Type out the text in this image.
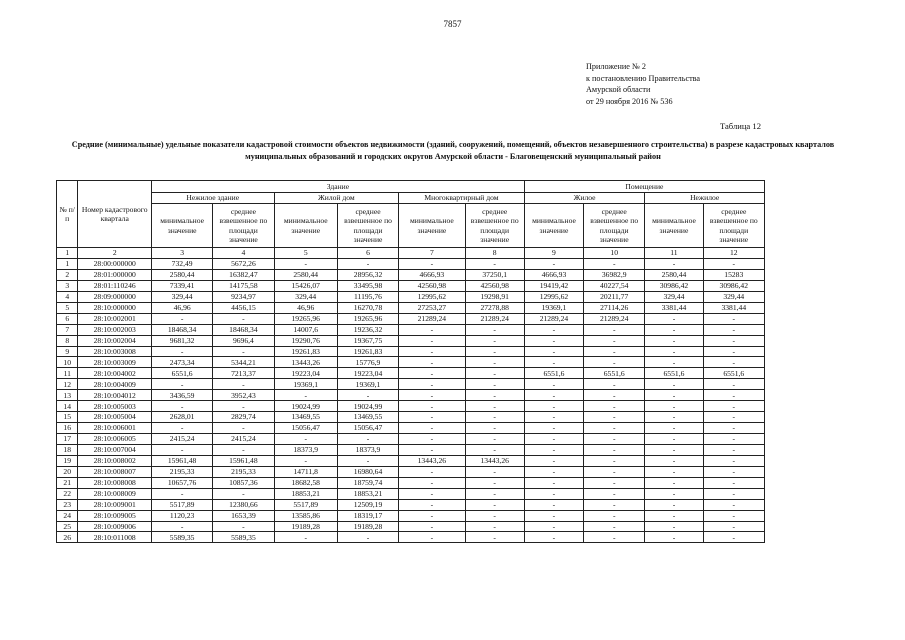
7857
Приложение № 2
к постановлению Правительства
Амурской области
от 29 ноября 2016 № 536
Таблица 12
Средние (минимальные) удельные показатели кадастровой стоимости объектов недвижимости (зданий, сооружений, помещений, объектов незавершенного строительства) в разрезе кадастровых кварталов муниципальных образований и городских округов Амурской области - Благовещенский муниципальный район
№ п/п	Номер кадастрового квартала	Здание						Помещение			
		Нежилое здание		Жилой дом		Многоквартирный дом		Жилое		Нежилое	
		минимальное значение	среднее взвешенное по площади значение	минимальное значение	среднее взвешенное по площади значение	минимальное значение	среднее взвешенное по площади значение	минимальное значение	среднее взвешенное по площади значение	минимальное значение	среднее взвешенное по площади значение
1	2	3	4	5	6	7	8	9	10	11	12
1	28:00:000000	732,49	5672,26	-	-	-	-	-	-	-	-
2	28:01:000000	2580,44	16382,47	2580,44	28956,32	4666,93	37250,1	4666,93	36982,9	2580,44	15283
3	28:01:110246	7339,41	14175,58	15426,07	33495,98	42560,98	42560,98	19419,42	40227,54	30986,42	30986,42
4	28:09:000000	329,44	9234,97	329,44	11195,76	12995,62	19298,91	12995,62	20211,77	329,44	329,44
5	28:10:000000	46,96	4456,15	46,96	16270,78	27253,27	27278,88	19369,1	27114,26	3381,44	3381,44
6	28:10:002001	-	-	19265,96	19265,96	21289,24	21289,24	21289,24	21289,24	-	-
7	28:10:002003	18468,34	18468,34	14007,6	19236,32	-	-	-	-	-	-
8	28:10:002004	9681,32	9696,4	19290,76	19367,75	-	-	-	-	-	-
9	28:10:003008	-	-	19261,83	19261,83	-	-	-	-	-	-
10	28:10:003009	2473,34	5344,21	13443,26	15776,9	-	-	-	-	-	-
11	28:10:004002	6551,6	7213,37	19223,04	19223,04	-	-	6551,6	6551,6	6551,6	6551,6
12	28:10:004009	-	-	19369,1	19369,1	-	-	-	-	-	-
13	28:10:004012	3436,59	3952,43	-	-	-	-	-	-	-	-
14	28:10:005003	-	-	19024,99	19024,99	-	-	-	-	-	-
15	28:10:005004	2628,01	2829,74	13469,55	13469,55	-	-	-	-	-	-
16	28:10:006001	-	-	15056,47	15056,47	-	-	-	-	-	-
17	28:10:006005	2415,24	2415,24	-	-	-	-	-	-	-	-
18	28:10:007004	-	-	18373,9	18373,9	-	-	-	-	-	-
19	28:10:008002	15961,48	15961,48	-	-	13443,26	13443,26	-	-	-	-
20	28:10:008007	2195,33	2195,33	14711,8	16980,64	-	-	-	-	-	-
21	28:10:008008	10657,76	10857,36	18682,58	18759,74	-	-	-	-	-	-
22	28:10:008009	-	-	18853,21	18853,21	-	-	-	-	-	-
23	28:10:009001	5517,89	12380,66	5517,89	12509,19	-	-	-	-	-	-
24	28:10:009005	1120,23	1653,39	13585,86	18319,17	-	-	-	-	-	-
25	28:10:009006	-	-	19189,28	19189,28	-	-	-	-	-	-
26	28:10:011008	5589,35	5589,35	-	-	-	-	-	-	-	-
